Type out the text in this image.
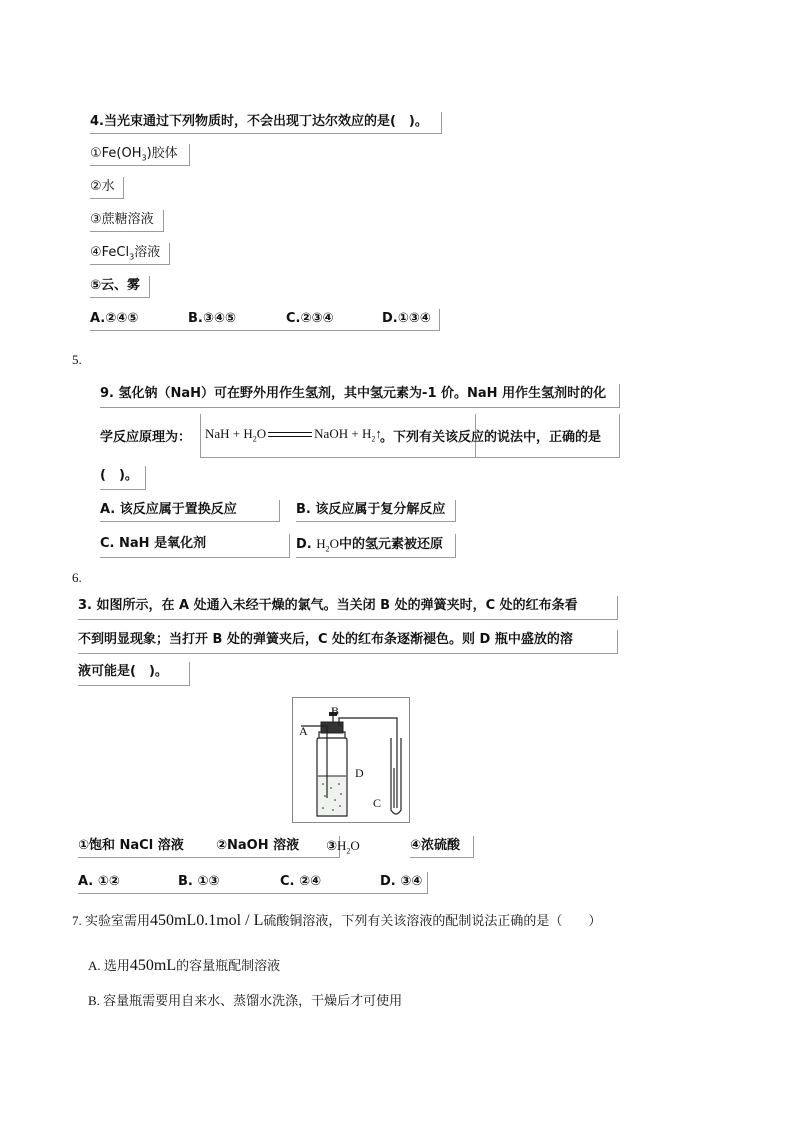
4.当光束通过下列物质时，不会出现丁达尔效应的是(　)。
$①Fe(OH_3)$胶体
②水
③蔗糖溶液
④FeCl$_3$溶液
⑤云、雾
A.②④⑤	B.③④⑤	C.②③④	D.①③④
5.
9. 氢化钠（NaH）可在野外用作生氢剂，其中氢元素为-1 价。NaH 用作生氢剂时的化
学反应原理为： NaH + $H_2O$	NaOH + $H_2↑$
。下列有关该反应的说法中，正确的是
(　)。
A. 该反应属于置换反应	B. 该反应属于复分解反应
C. NaH 是氧化剂	D. $H_2O$中的氢元素被还原
6.
3. 如图所示，在 A 处通入未经干燥的氯气。当关闭 B 处的弹簧夹时，C 处的红布条看
不到明显现象；当打开 B 处的弹簧夹后，C 处的红布条逐渐褪色。则 D 瓶中盛放的溶
液可能是(　)。
A
B
C
D
①饱和 NaCl 溶液 ②NaOH 溶液 $③H_2O$	④浓硫酸
A. ①②	B. ①③	C. ②④	D. ③④
7. 实验室需用450mL0.1mol / L硫酸铜溶液，下列有关该溶液的配制说法正确的是（　　）
A. 选用450mL的容量瓶配制溶液
B. 容量瓶需要用自来水、蒸馏水洗涤，干燥后才可使用
